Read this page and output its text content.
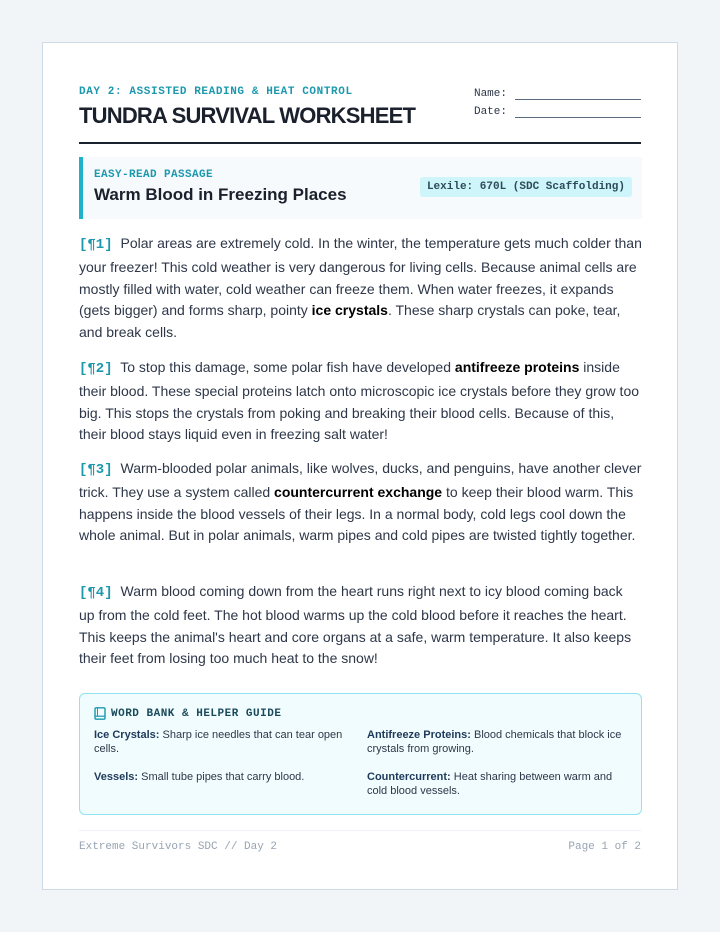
DAY 2: ASSISTED READING & HEAT CONTROL
TUNDRA SURVIVAL WORKSHEET
Name:
Date:
EASY-READ PASSAGE
Warm Blood in Freezing Places	Lexile: 670L (SDC Scaffolding)

[¶1] Polar areas are extremely cold. In the winter, the temperature gets much colder than your freezer! This cold weather is very dangerous for living cells. Because animal cells are mostly filled with water, cold weather can freeze them. When water freezes, it expands (gets bigger) and forms sharp, pointy ice crystals. These sharp crystals can poke, tear, and break cells.

[¶2] To stop this damage, some polar fish have developed antifreeze proteins inside their blood. These special proteins latch onto microscopic ice crystals before they grow too big. This stops the crystals from poking and breaking their blood cells. Because of this, their blood stays liquid even in freezing salt water!

[¶3] Warm-blooded polar animals, like wolves, ducks, and penguins, have another clever trick. They use a system called countercurrent exchange to keep their blood warm. This happens inside the blood vessels of their legs. In a normal body, cold legs cool down the whole animal. But in polar animals, warm pipes and cold pipes are twisted tightly together.

[¶4] Warm blood coming down from the heart runs right next to icy blood coming back up from the cold feet. The hot blood warms up the cold blood before it reaches the heart. This keeps the animal's heart and core organs at a safe, warm temperature. It also keeps their feet from losing too much heat to the snow!

WORD BANK & HELPER GUIDE
Ice Crystals: Sharp ice needles that can tear open cells.
Antifreeze Proteins: Blood chemicals that block ice crystals from growing.
Vessels: Small tube pipes that carry blood.	Countercurrent: Heat sharing between warm and cold blood vessels.
Extreme Survivors SDC // Day 2	Page 1 of 2
